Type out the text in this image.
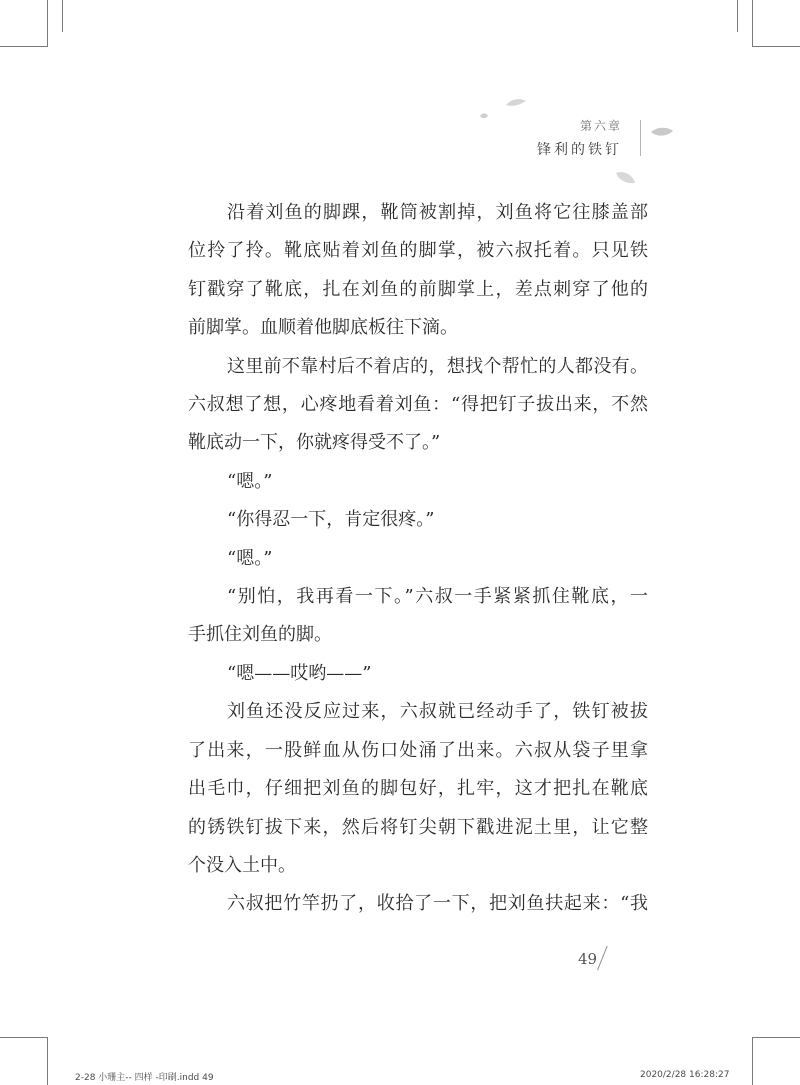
第六章
锋利的铁钉
沿着刘鱼的脚踝，靴筒被割掉，刘鱼将它往膝盖部
位拎了拎。靴底贴着刘鱼的脚掌，被六叔托着。只见铁
钉戳穿了靴底，扎在刘鱼的前脚掌上，差点刺穿了他的
前脚掌。血顺着他脚底板往下滴。
这里前不靠村后不着店的，想找个帮忙的人都没有。
六叔想了想，心疼地看着刘鱼：“得把钉子拔出来，不然
靴底动一下，你就疼得受不了。”
“嗯。”
“你得忍一下，肯定很疼。”
“嗯。”
“别怕，我再看一下。”六叔一手紧紧抓住靴底，一
手抓住刘鱼的脚。
“嗯——哎哟——”
刘鱼还没反应过来，六叔就已经动手了，铁钉被拔
了出来，一股鲜血从伤口处涌了出来。六叔从袋子里拿
出毛巾，仔细把刘鱼的脚包好，扎牢，这才把扎在靴底
的锈铁钉拔下来，然后将钉尖朝下戳进泥土里，让它整
个没入土中。
六叔把竹竿扔了，收拾了一下，把刘鱼扶起来：“我
49
2-28 小珊主-- 四样 -印刷.indd 49	2020/2/28 16:28:27
